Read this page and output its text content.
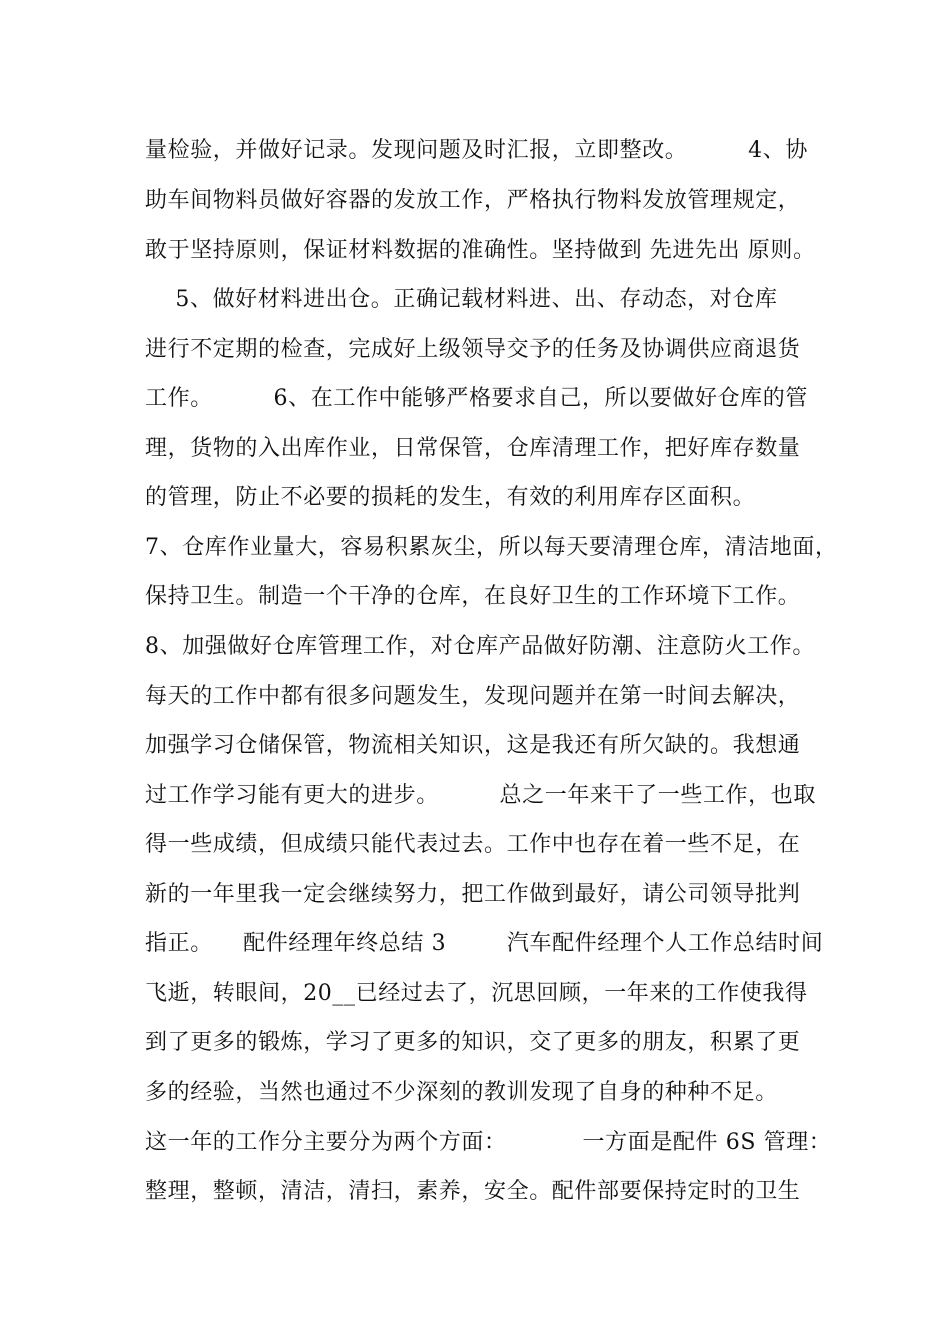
量检验，并做好记录。发现问题及时汇报，立即整改。        4、协
助车间物料员做好容器的发放工作，严格执行物料发放管理规定，
敢于坚持原则，保证材料数据的准确性。坚持做到 先进先出 原则。
5、做好材料进出仓。正确记载材料进、出、存动态，对仓库
进行不定期的检查，完成好上级领导交予的任务及协调供应商退货
工作。        6、在工作中能够严格要求自己，所以要做好仓库的管
理，货物的入出库作业，日常保管，仓库清理工作，把好库存数量
的管理，防止不必要的损耗的发生，有效的利用库存区面积。
7、仓库作业量大，容易积累灰尘，所以每天要清理仓库，清洁地面，
保持卫生。制造一个干净的仓库，在良好卫生的工作环境下工作。
8、加强做好仓库管理工作，对仓库产品做好防潮、注意防火工作。
每天的工作中都有很多问题发生，发现问题并在第一时间去解决，
加强学习仓储保管，物流相关知识，这是我还有所欠缺的。我想通
过工作学习能有更大的进步。        总之一年来干了一些工作，也取
得一些成绩，但成绩只能代表过去。工作中也存在着一些不足，在
新的一年里我一定会继续努力，把工作做到最好，请公司领导批判
指正。    配件经理年终总结 3        汽车配件经理个人工作总结时间
飞逝，转眼间，20__已经过去了，沉思回顾，一年来的工作使我得
到了更多的锻炼，学习了更多的知识，交了更多的朋友，积累了更
多的经验，当然也通过不少深刻的教训发现了自身的种种不足。
这一年的工作分主要分为两个方面：          一方面是配件 6S 管理：
整理，整顿，清洁，清扫，素养，安全。配件部要保持定时的卫生
